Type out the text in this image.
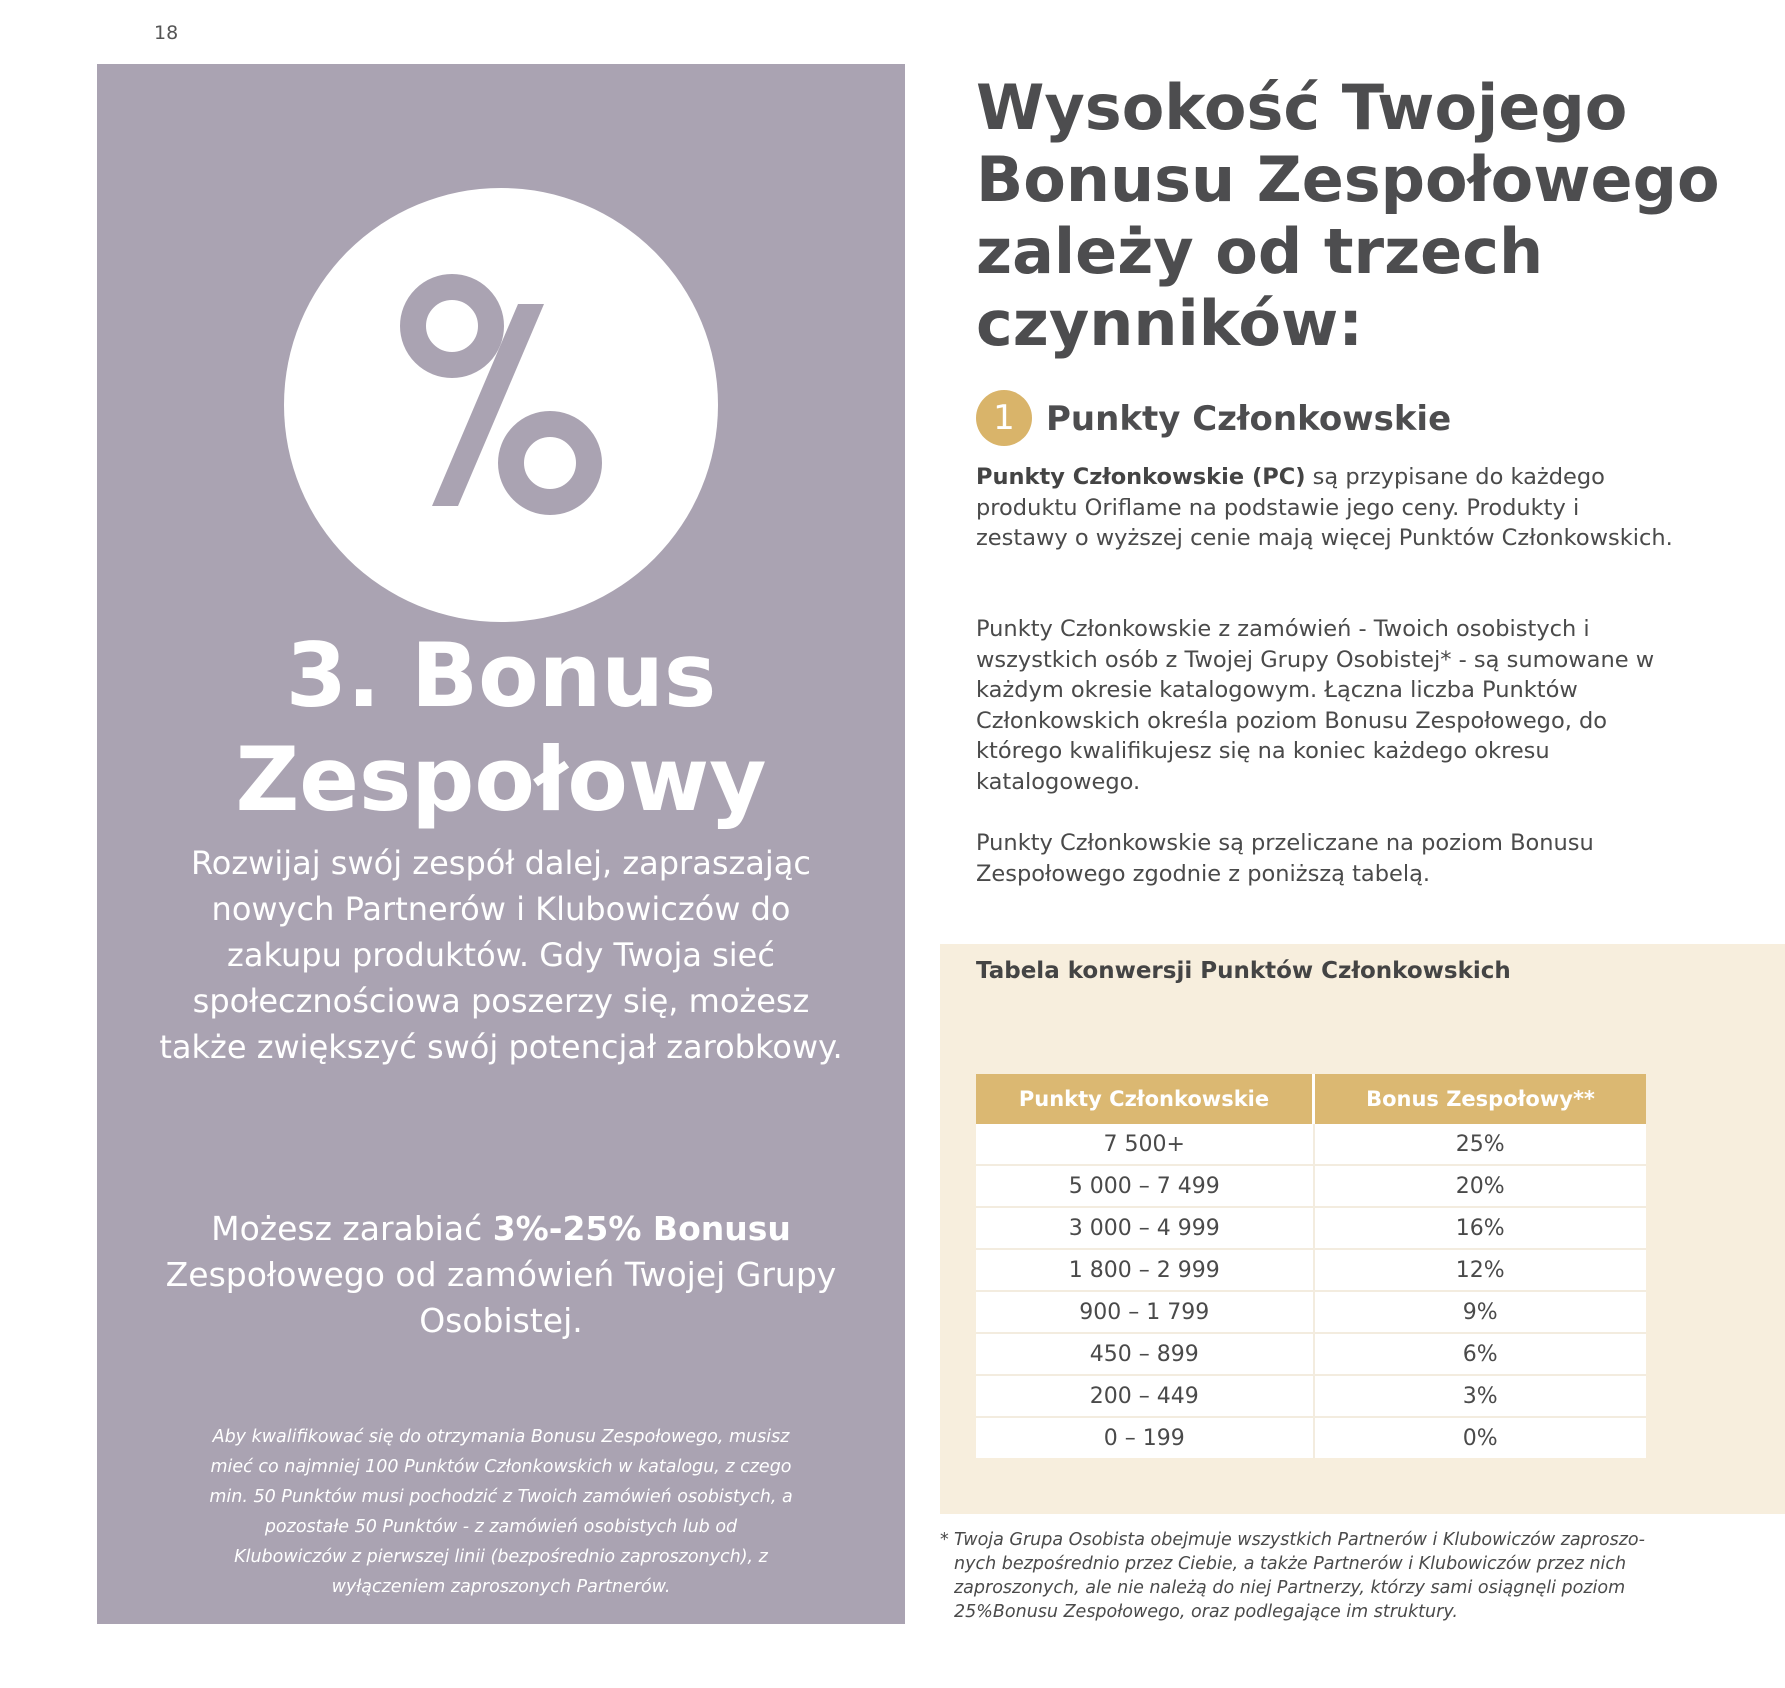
18
3. Bonus
Zespołowy
Rozwijaj swój zespół dalej, zapraszając nowych Partnerów i Klubowiczów do zakupu produktów. Gdy Twoja sieć społecznościowa poszerzy się, możesz także zwiększyć swój potencjał zarobkowy.
Możesz zarabiać 3%-25% Bonusu Zespołowego od zamówień Twojej Grupy Osobistej.
Aby kwalifikować się do otrzymania Bonusu Zespołowego, musisz mieć co najmniej 100 Punktów Członkowskich w katalogu, z czego min. 50 Punktów musi pochodzić z Twoich zamówień osobistych, a pozostałe 50 Punktów - z zamówień osobistych lub od Klubowiczów z pierwszej linii (bezpośrednio zaproszonych), z wyłączeniem zaproszonych Partnerów.
Wysokość Twojego
Bonusu Zespołowego
zależy od trzech
czynników:
1 Punkty Członkowskie
Punkty Członkowskie (PC) są przypisane do każdego produktu Oriflame na podstawie jego ceny. Produkty i zestawy o wyższej cenie mają więcej Punktów Członkowskich.
Punkty Członkowskie z zamówień - Twoich osobistych i wszystkich osób z Twojej Grupy Osobistej* - są sumowane w każdym okresie katalogowym. Łączna liczba Punktów Członkowskich określa poziom Bonusu Zespołowego, do którego kwalifikujesz się na koniec każdego okresu katalogowego.
Punkty Członkowskie są przeliczane na poziom Bonusu Zespołowego zgodnie z poniższą tabelą.
Tabela konwersji Punktów Członkowskich
Punkty Członkowskie	Bonus Zespołowy**
7 500+	25%
5 000 – 7 499	20%
3 000 – 4 999	16%
1 800 – 2 999	12%
900 – 1 799	9%
450 – 899	6%
200 – 449	3%
0 – 199	0%
* Twoja Grupa Osobista obejmuje wszystkich Partnerów i Klubowiczów zaproszo-nych bezpośrednio przez Ciebie, a także Partnerów i Klubowiczów przez nich zaproszonych, ale nie należą do niej Partnerzy, którzy sami osiągnęli poziom 25%Bonusu Zespołowego, oraz podlegające im struktury.
